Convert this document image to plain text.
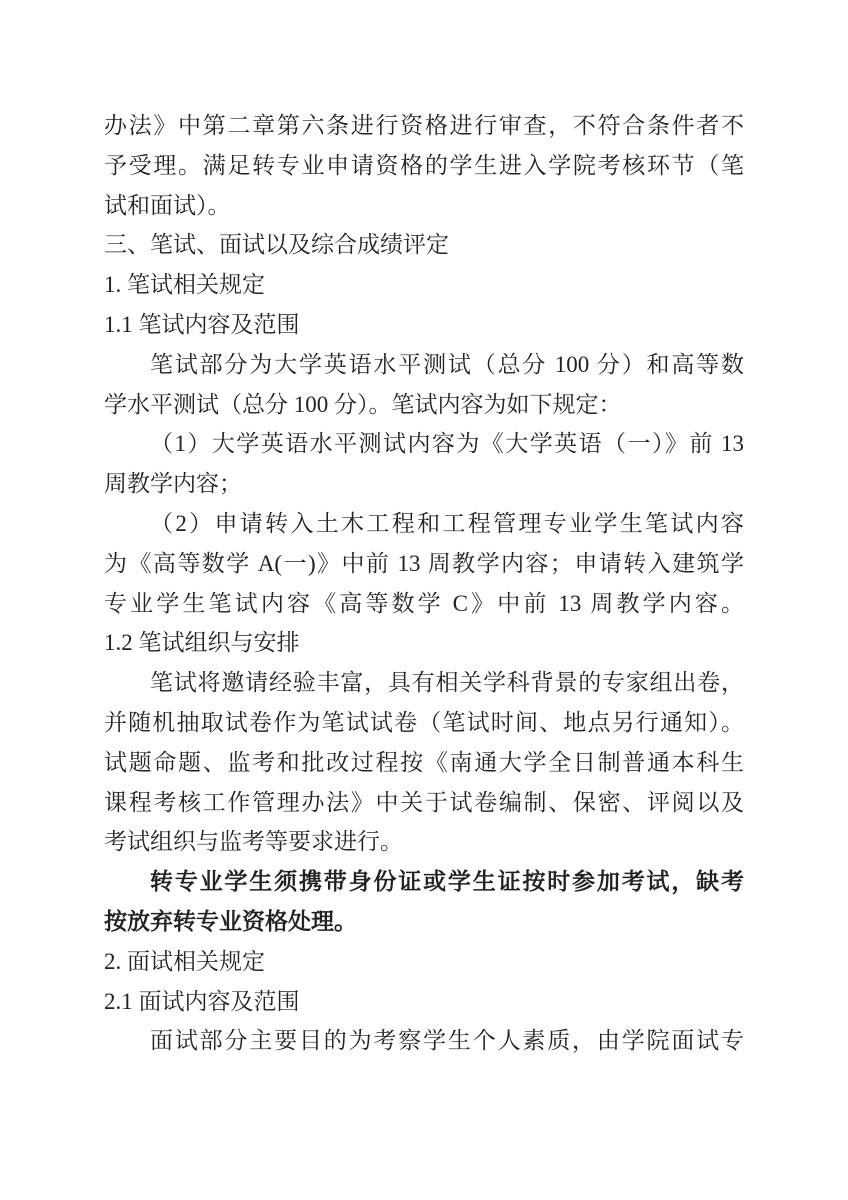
办法》中第二章第六条进行资格进行审查，不符合条件者不
予受理。满足转专业申请资格的学生进入学院考核环节（笔
试和面试）。
三、笔试、面试以及综合成绩评定
1. 笔试相关规定
1.1 笔试内容及范围
笔试部分为大学英语水平测试（总分 100 分）和高等数
学水平测试（总分 100 分）。笔试内容为如下规定：
（1）大学英语水平测试内容为《大学英语（一）》前 13
周教学内容；
（2）申请转入土木工程和工程管理专业学生笔试内容
为《高等数学 A(一)》中前 13 周教学内容；申请转入建筑学
专业学生笔试内容《高等数学 C》中前 13 周教学内容。
1.2 笔试组织与安排
笔试将邀请经验丰富，具有相关学科背景的专家组出卷，
并随机抽取试卷作为笔试试卷（笔试时间、地点另行通知）。
试题命题、监考和批改过程按《南通大学全日制普通本科生
课程考核工作管理办法》中关于试卷编制、保密、评阅以及
考试组织与监考等要求进行。
转专业学生须携带身份证或学生证按时参加考试，缺考
按放弃转专业资格处理。
2. 面试相关规定
2.1 面试内容及范围
面试部分主要目的为考察学生个人素质，由学院面试专
